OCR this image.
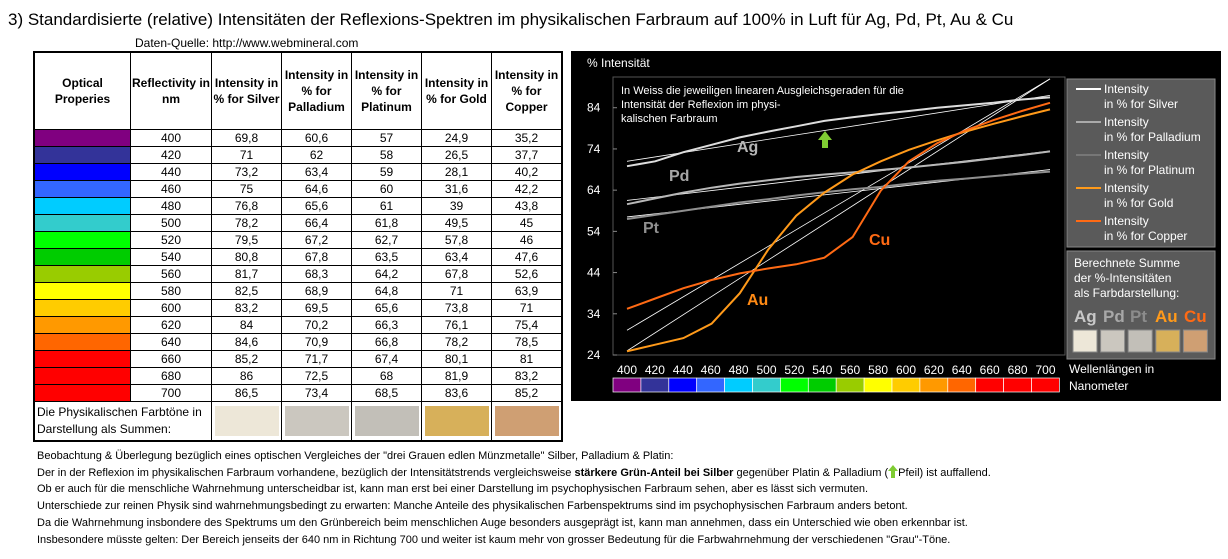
3) Standardisierte (relative) Intensitäten der Reflexions-Spektren im physikalischen Farbraum auf 100% in Luft für Ag, Pd, Pt, Au & Cu
Daten-Quelle: http://www.webmineral.com
Optical Properies	Reflectivity in nm	Intensity in % for Silver	Intensity in % for Palladium	Intensity in % for Platinum	Intensity in % for Gold	Intensity in % for Copper
	400	69,8	60,6	57	24,9	35,2
	420	71	62	58	26,5	37,7
	440	73,2	63,4	59	28,1	40,2
	460	75	64,6	60	31,6	42,2
	480	76,8	65,6	61	39	43,8
	500	78,2	66,4	61,8	49,5	45
	520	79,5	67,2	62,7	57,8	46
	540	80,8	67,8	63,5	63,4	47,6
	560	81,7	68,3	64,2	67,8	52,6
	580	82,5	68,9	64,8	71	63,9
	600	83,2	69,5	65,6	73,8	71
	620	84	70,2	66,3	76,1	75,4
	640	84,6	70,9	66,8	78,2	78,5
	660	85,2	71,7	67,4	80,1	81
	680	86	72,5	68	81,9	83,2
	700	86,5	73,4	68,5	83,6	85,2
Die Physikalischen Farbtöne in Darstellung als Summen:		

% Intensität
84
74
64
54
44
34
24
In Weiss die jeweiligen linearen Ausgleichsgeraden für die
Intensität der Reflexion im physi-
kalischen Farbraum
Ag
Pd
Pt
Au
Cu
400 420 440 460 480 500 520 540 560 580 600 620 640 660 680 700
Intensity
in % for Silver
Intensity
in % for Palladium
Intensity
in % for Platinum
Intensity
in % for Gold
Intensity
in % for Copper
Berechnete Summe
der %-Intensitäten
als Farbdarstellung:
Ag Pd Pt Au Cu
Wellenlängen in
Nanometer
Beobachtung & Überlegung bezüglich eines optischen Vergleiches der "drei Grauen edlen Münzmetalle" Silber, Palladium & Platin:
Der in der Reflexion im physikalischen Farbraum vorhandene, bezüglich der Intensitätstrends vergleichsweise stärkere Grün-Anteil bei Silber gegenüber Platin & Palladium ( Pfeil) ist auffallend.
Ob er auch für die menschliche Wahrnehmung unterscheidbar ist, kann man erst bei einer Darstellung im psychophysischen Farbraum sehen, aber es lässt sich vermuten.
Unterschiede zur reinen Physik sind wahrnehmungsbedingt zu erwarten: Manche Anteile des physikalischen Farbenspektrums sind im psychophysischen Farbraum anders betont.
Da die Wahrnehmung insbondere des Spektrums um den Grünbereich beim menschlichen Auge besonders ausgeprägt ist, kann man annehmen, dass ein Unterschied wie oben erkennbar ist.
Insbesondere müsste gelten: Der Bereich jenseits der 640 nm in Richtung 700 und weiter ist kaum mehr von grosser Bedeutung für die Farbwahrnehmung der verschiedenen "Grau"-Töne.
